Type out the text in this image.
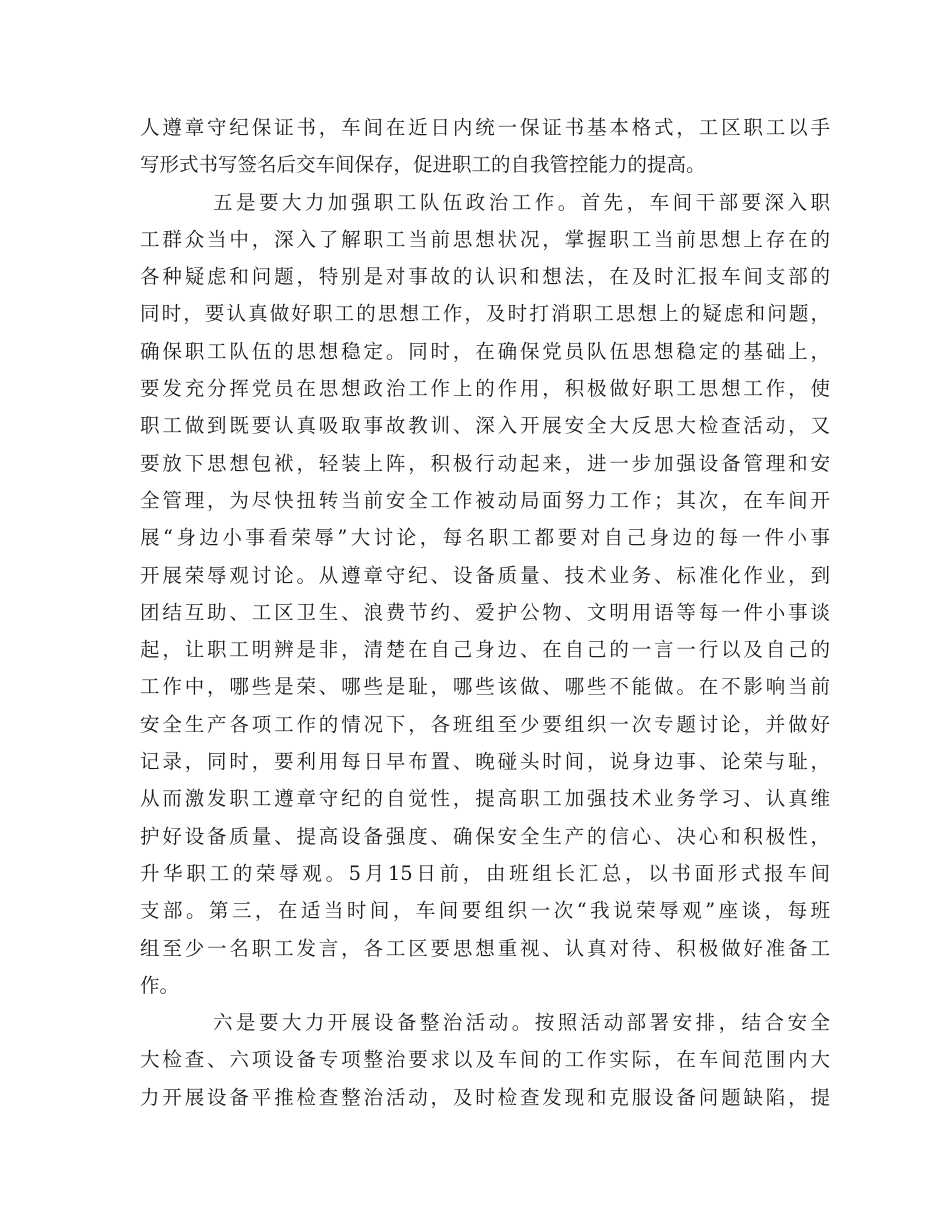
人遵章守纪保证书，车间在近日内统一保证书基本格式，工区职工以手
写形式书写签名后交车间保存，促进职工的自我管控能力的提高。
五是要大力加强职工队伍政治工作。首先，车间干部要深入职
工群众当中，深入了解职工当前思想状况，掌握职工当前思想上存在的
各种疑虑和问题，特别是对事故的认识和想法，在及时汇报车间支部的
同时，要认真做好职工的思想工作，及时打消职工思想上的疑虑和问题，
确保职工队伍的思想稳定。同时，在确保党员队伍思想稳定的基础上，
要发充分挥党员在思想政治工作上的作用，积极做好职工思想工作，使
职工做到既要认真吸取事故教训、深入开展安全大反思大检查活动，又
要放下思想包袱，轻装上阵，积极行动起来，进一步加强设备管理和安
全管理，为尽快扭转当前安全工作被动局面努力工作；其次，在车间开
展“身边小事看荣辱”大讨论，每名职工都要对自己身边的每一件小事
开展荣辱观讨论。从遵章守纪、设备质量、技术业务、标准化作业，到
团结互助、工区卫生、浪费节约、爱护公物、文明用语等每一件小事谈
起，让职工明辨是非，清楚在自己身边、在自己的一言一行以及自己的
工作中，哪些是荣、哪些是耻，哪些该做、哪些不能做。在不影响当前
安全生产各项工作的情况下，各班组至少要组织一次专题讨论，并做好
记录，同时，要利用每日早布置、晚碰头时间，说身边事、论荣与耻，
从而激发职工遵章守纪的自觉性，提高职工加强技术业务学习、认真维
护好设备质量、提高设备强度、确保安全生产的信心、决心和积极性，
升华职工的荣辱观。5月15日前，由班组长汇总，以书面形式报车间
支部。第三，在适当时间，车间要组织一次“我说荣辱观”座谈，每班
组至少一名职工发言，各工区要思想重视、认真对待、积极做好准备工
作。
六是要大力开展设备整治活动。按照活动部署安排，结合安全
大检查、六项设备专项整治要求以及车间的工作实际，在车间范围内大
力开展设备平推检查整治活动，及时检查发现和克服设备问题缺陷，提
